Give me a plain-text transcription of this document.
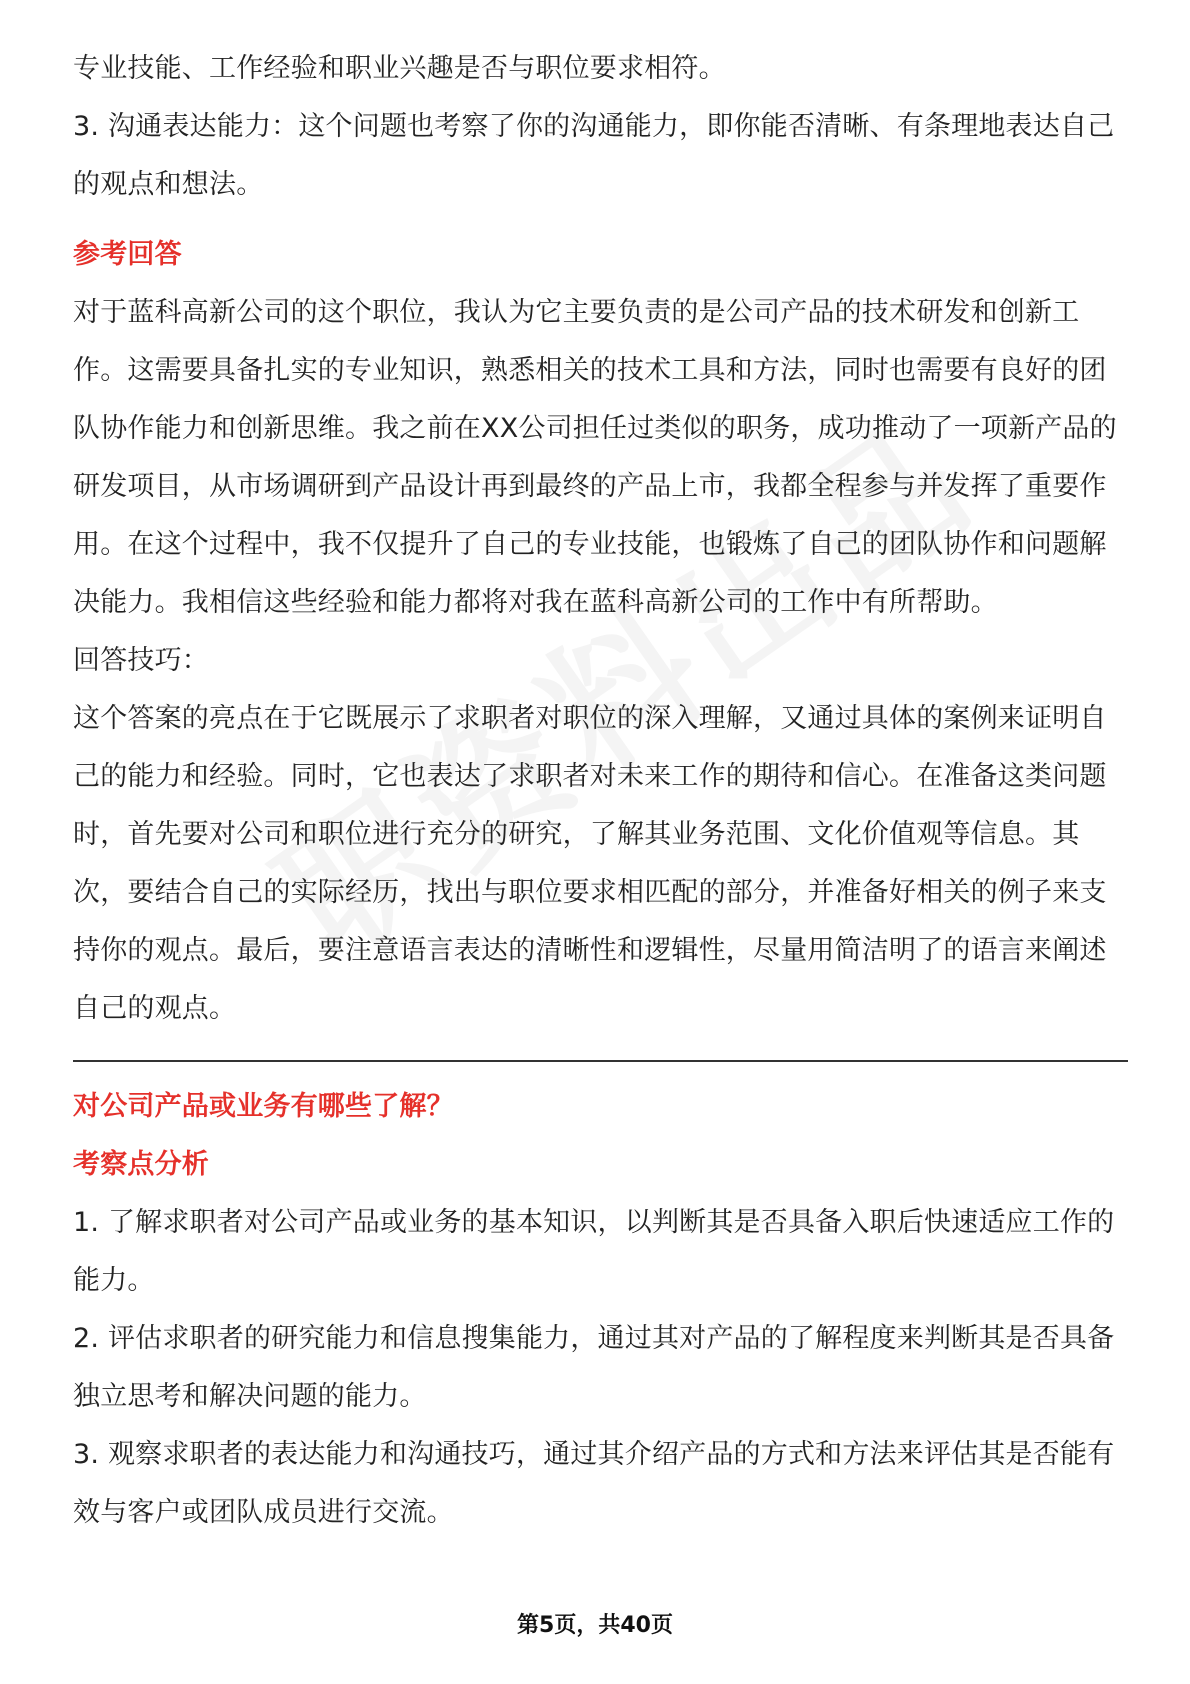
专业技能、工作经验和职业兴趣是否与职位要求相符。

3. 沟通表达能力：这个问题也考察了你的沟通能力，即你能否清晰、有条理地表达自己的观点和想法。

参考回答

对于蓝科高新公司的这个职位，我认为它主要负责的是公司产品的技术研发和创新工作。这需要具备扎实的专业知识，熟悉相关的技术工具和方法，同时也需要有良好的团队协作能力和创新思维。我之前在XX公司担任过类似的职务，成功推动了一项新产品的研发项目，从市场调研到产品设计再到最终的产品上市，我都全程参与并发挥了重要作用。在这个过程中，我不仅提升了自己的专业技能，也锻炼了自己的团队协作和问题解决能力。我相信这些经验和能力都将对我在蓝科高新公司的工作中有所帮助。

回答技巧：

这个答案的亮点在于它既展示了求职者对职位的深入理解，又通过具体的案例来证明自己的能力和经验。同时，它也表达了求职者对未来工作的期待和信心。在准备这类问题时，首先要对公司和职位进行充分的研究，了解其业务范围、文化价值观等信息。其次，要结合自己的实际经历，找出与职位要求相匹配的部分，并准备好相关的例子来支持你的观点。最后，要注意语言表达的清晰性和逻辑性，尽量用简洁明了的语言来阐述自己的观点。

对公司产品或业务有哪些了解？

考察点分析

1. 了解求职者对公司产品或业务的基本知识，以判断其是否具备入职后快速适应工作的能力。

2. 评估求职者的研究能力和信息搜集能力，通过其对产品的了解程度来判断其是否具备独立思考和解决问题的能力。

3. 观察求职者的表达能力和沟通技巧，通过其介绍产品的方式和方法来评估其是否能有效与客户或团队成员进行交流。

第5页，共40页
